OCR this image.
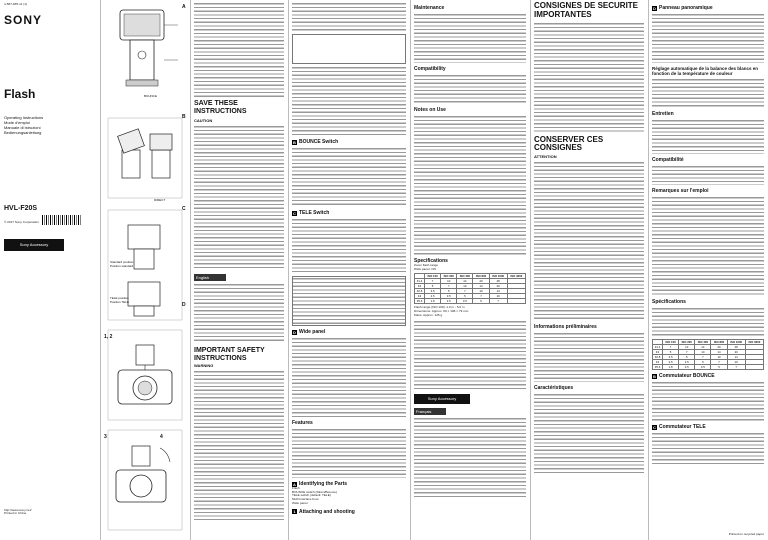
4-587-835-11 (1)
SONY
Flash
Operating Instructions
Mode d'emploi
Manuale di istruzioni
Bedienungsanleitung
HVL-F20S
© 2017 Sony Corporation
Sony Accessory
http://www.sony.net/
Printed in China
A
BOUNCE
B
DIRECT
C
Standard position
Position standard
TELE position
Position TELE	D
1, 2
3	4
SAVE THESE INSTRUCTIONS
CAUTION
English
IMPORTANT SAFETY INSTRUCTIONS
WARNING
B BOUNCE Switch
C TELE Switch
D Wide panel
Features
A Identifying the Parts
Flash
BOUNCE switch (Direct/Bounce)
TELE switch (default: TELE)
Multi Interface Foot
Wide panel
1 Attaching and shooting
Maintenance
Compatibility
Notes on Use
Specifications
Zoom flash range
Wide panel: ON
	ISO 100	ISO 200	ISO 400	ISO 800	ISO 1600	ISO 3200
F1.4	7	10	14	20	28	
F2	5	7	10	14	20	
F2.8	3.5	5	7	10	14	
F4	2.5	3.5	5	7	10	
F5.6	1.8	2.5	3.5	5	7	
Flash range (ISO 100): 1.0 m - 5.0 m
Dimensions: Approx. 60 × 108 × 79 mm
Mass: Approx. 125 g
Sony Accessory
Français
CONSIGNES DE SECURITE IMPORTANTES
CONSERVER CES CONSIGNES
ATTENTION
Informations préliminaires
Caractéristiques
D Panneau panoramique
Réglage automatique de la balance des blancs en fonction de la température de couleur
Entretien
Compatibilité
Remarques sur l'emploi
Spécifications
	ISO 100	ISO 200	ISO 400	ISO 800	ISO 1600	ISO 3200
F1.4	7	10	14	20	28	
F2	5	7	10	14	20	
F2.8	3.5	5	7	10	14	
F4	2.5	3.5	5	7	10	
F5.6	1.8	2.5	3.5	5	7	
B Commutateur BOUNCE
C Commutateur TELE
Printed on recycled paper
